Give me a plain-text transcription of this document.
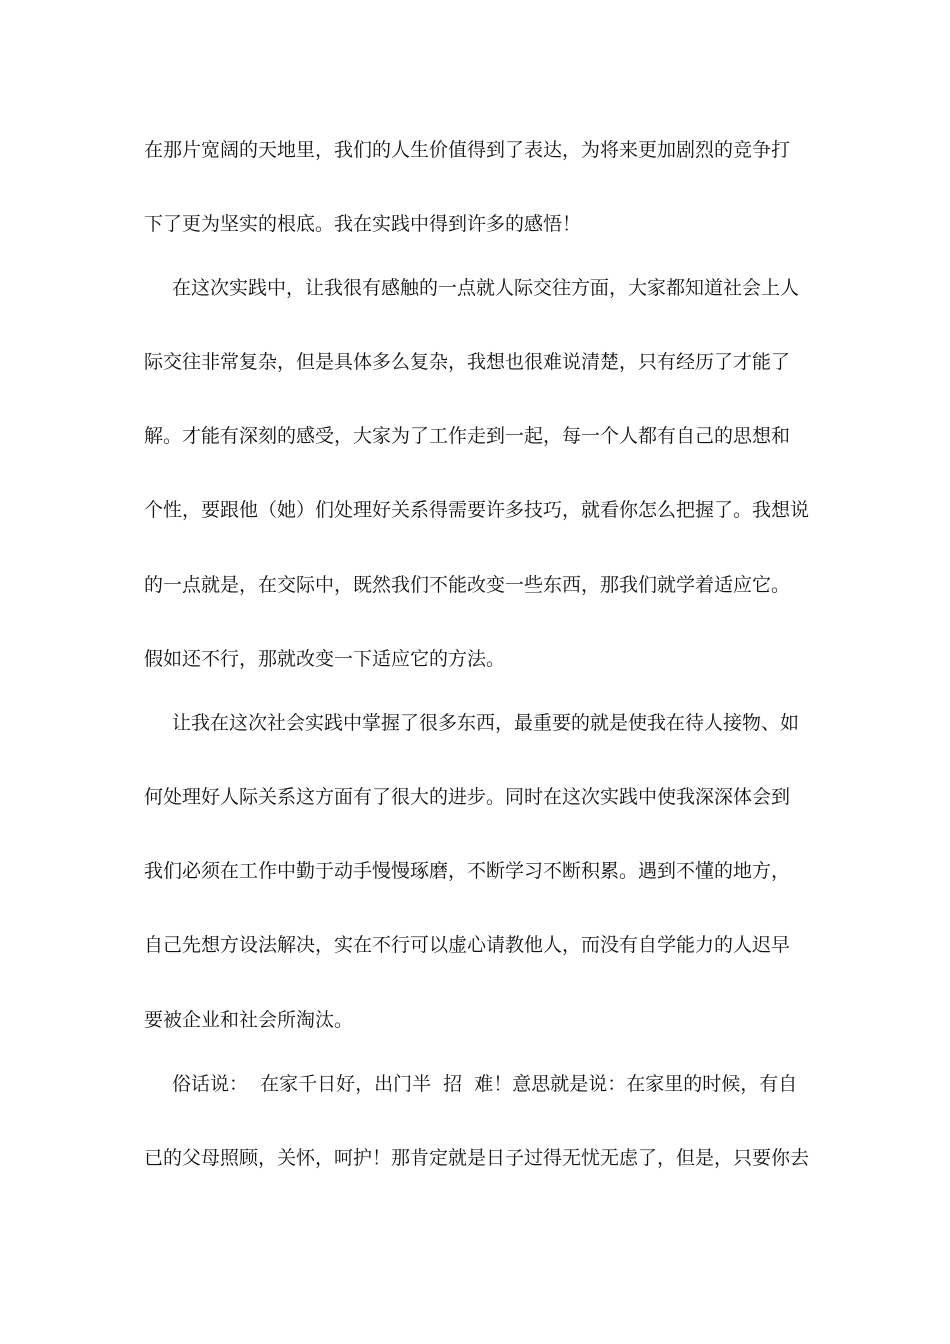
在那片宽阔的天地里，我们的人生价值得到了表达，为将来更加剧烈的竞争打
下了更为坚实的根底。我在实践中得到许多的感悟！
在这次实践中，让我很有感触的一点就人际交往方面，大家都知道社会上人
际交往非常复杂，但是具体多么复杂，我想也很难说清楚，只有经历了才能了
解。才能有深刻的感受，大家为了工作走到一起，每一个人都有自己的思想和
个性，要跟他（她）们处理好关系得需要许多技巧，就看你怎么把握了。我想说
的一点就是，在交际中，既然我们不能改变一些东西，那我们就学着适应它。
假如还不行，那就改变一下适应它的方法。
让我在这次社会实践中掌握了很多东西，最重要的就是使我在待人接物、如
何处理好人际关系这方面有了很大的进步。同时在这次实践中使我深深体会到
我们必须在工作中勤于动手慢慢琢磨，不断学习不断积累。遇到不懂的地方，
自己先想方设法解决，实在不行可以虚心请教他人，而没有自学能力的人迟早
要被企业和社会所淘汰。
俗话说：  在家千日好，出门半  招  难！意思就是说：在家里的时候，有自
已的父母照顾，关怀，呵护！那肯定就是日子过得无忧无虑了，但是，只要你去
